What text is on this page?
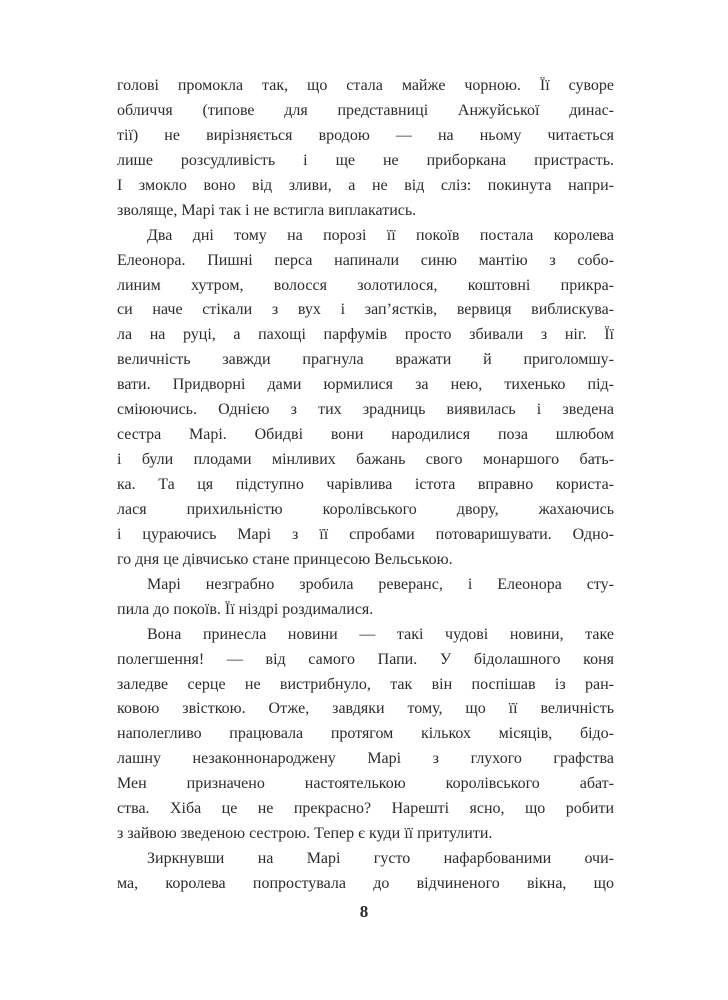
голові промокла так, що стала майже чорною. Її суворе
обличчя (типове для представниці Анжуйської динас-
тії) не вирізняється вродою — на ньому читається
лише розсудливість і ще не приборкана пристрасть.
І змокло воно від зливи, а не від сліз: покинута напри-
зволяще, Марі так і не встигла виплакатись.
Два дні тому на порозі її покоїв постала королева
Елеонора. Пишні перса напинали синю мантію з собо-
линим хутром, волосся золотилося, коштовні прикра-
си наче стікали з вух і зап’ястків, вервиця виблискува-
ла на руці, а пахощі парфумів просто збивали з ніг. Її
величність завжди прагнула вражати й приголомшу-
вати. Придворні дами юрмилися за нею, тихенько під-
сміюючись. Однією з тих зрадниць виявилась і зведена
сестра Марі. Обидві вони народилися поза шлюбом
і були плодами мінливих бажань свого монаршого бать-
ка. Та ця підступно чарівлива істота вправно користа-
лася прихильністю королівського двору, жахаючись
і цураючись Марі з її спробами потоваришувати. Одно-
го дня це дівчисько стане принцесою Вельською.
Марі незграбно зробила реверанс, і Елеонора сту-
пила до покоїв. Її ніздрі роздималися.
Вона принесла новини — такі чудові новини, таке
полегшення! — від самого Папи. У бідолашного коня
заледве серце не вистрибнуло, так він поспішав із ран-
ковою звісткою. Отже, завдяки тому, що її величність
наполегливо працювала протягом кількох місяців, бідо-
лашну незаконнонароджену Марі з глухого графства
Мен призначено настоятелькою королівського абат-
ства. Хіба це не прекрасно? Нарешті ясно, що робити
з зайвою зведеною сестрою. Тепер є куди її притулити.
Зиркнувши на Марі густо нафарбованими очи-
ма, королева попростувала до відчиненого вікна, що
8
